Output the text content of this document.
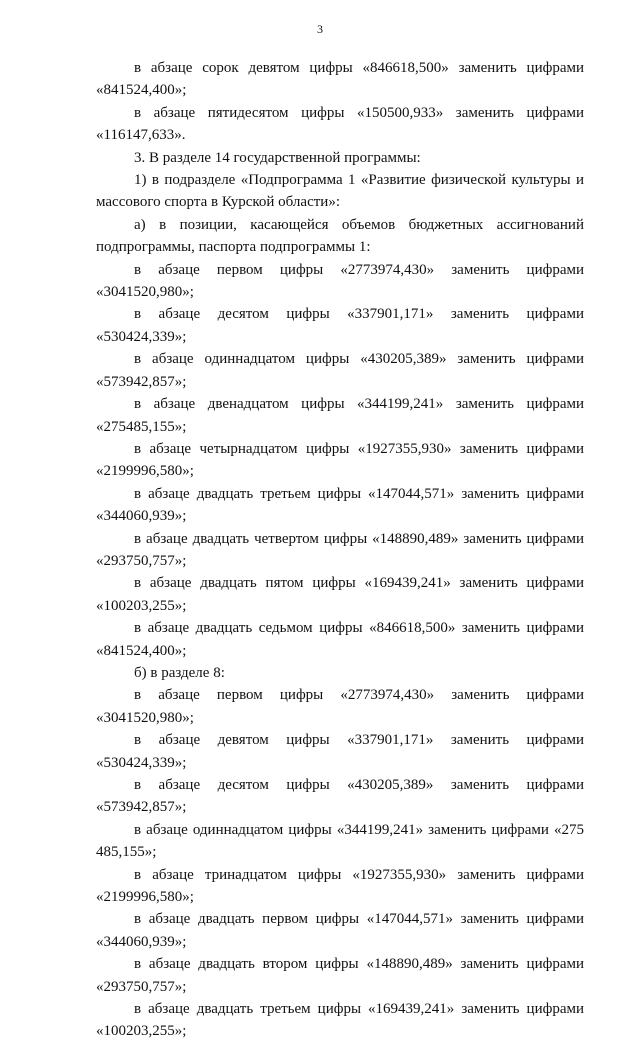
3

в абзаце сорок девятом цифры «846618,500» заменить цифрами «841524,400»;

в абзаце пятидесятом цифры «150500,933» заменить цифрами «116147,633».

3. В разделе 14 государственной программы:

1) в подразделе «Подпрограмма 1 «Развитие физической культуры и массового спорта в Курской области»:

а) в позиции, касающейся объемов бюджетных ассигнований подпрограммы, паспорта подпрограммы 1:

в абзаце первом цифры «2773974,430» заменить цифрами «3041520,980»;

в абзаце десятом цифры «337901,171» заменить цифрами «530424,339»;

в абзаце одиннадцатом цифры «430205,389» заменить цифрами «573942,857»;

в абзаце двенадцатом цифры «344199,241» заменить цифрами «275485,155»;

в абзаце четырнадцатом цифры «1927355,930» заменить цифрами «2199996,580»;

в абзаце двадцать третьем цифры «147044,571» заменить цифрами «344060,939»;

в абзаце двадцать четвертом цифры «148890,489» заменить цифрами «293750,757»;

в абзаце двадцать пятом цифры «169439,241» заменить цифрами «100203,255»;

в абзаце двадцать седьмом цифры «846618,500» заменить цифрами «841524,400»;

б) в разделе 8:

в абзаце первом цифры «2773974,430» заменить цифрами «3041520,980»;

в абзаце девятом цифры «337901,171» заменить цифрами «530424,339»;

в абзаце десятом цифры «430205,389» заменить цифрами «573942,857»;

в абзаце одиннадцатом цифры «344199,241» заменить цифрами «275 485,155»;

в абзаце тринадцатом цифры «1927355,930» заменить цифрами «2199996,580»;

в абзаце двадцать первом цифры «147044,571» заменить цифрами «344060,939»;

в абзаце двадцать втором цифры «148890,489» заменить цифрами «293750,757»;

в абзаце двадцать третьем цифры «169439,241» заменить цифрами «100203,255»;
